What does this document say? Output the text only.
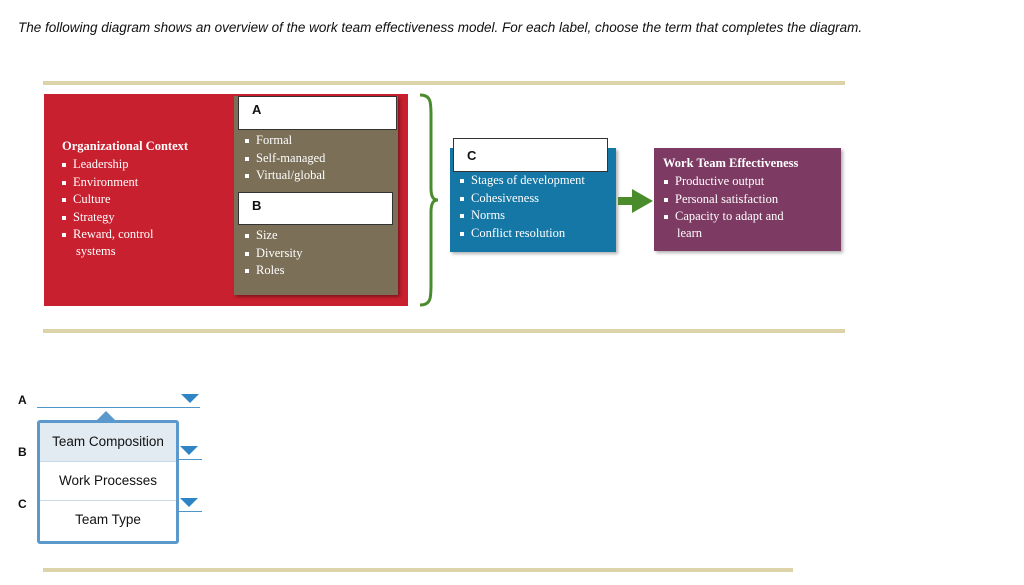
The following diagram shows an overview of the work team effectiveness model. For each label, choose the term that completes the diagram.
Organizational Context
Leadership
Environment
Culture
Strategy
Reward, control
systems
Formal
Self-managed
Virtual/global
Size
Diversity
Roles
A
B
Stages of development
Cohesiveness
Norms
Conflict resolution
C	Work Team Effectiveness
Productive output
Personal satisfaction
Capacity to adapt and
learn
A
B
C
Team Composition
Work Processes
Team Type
